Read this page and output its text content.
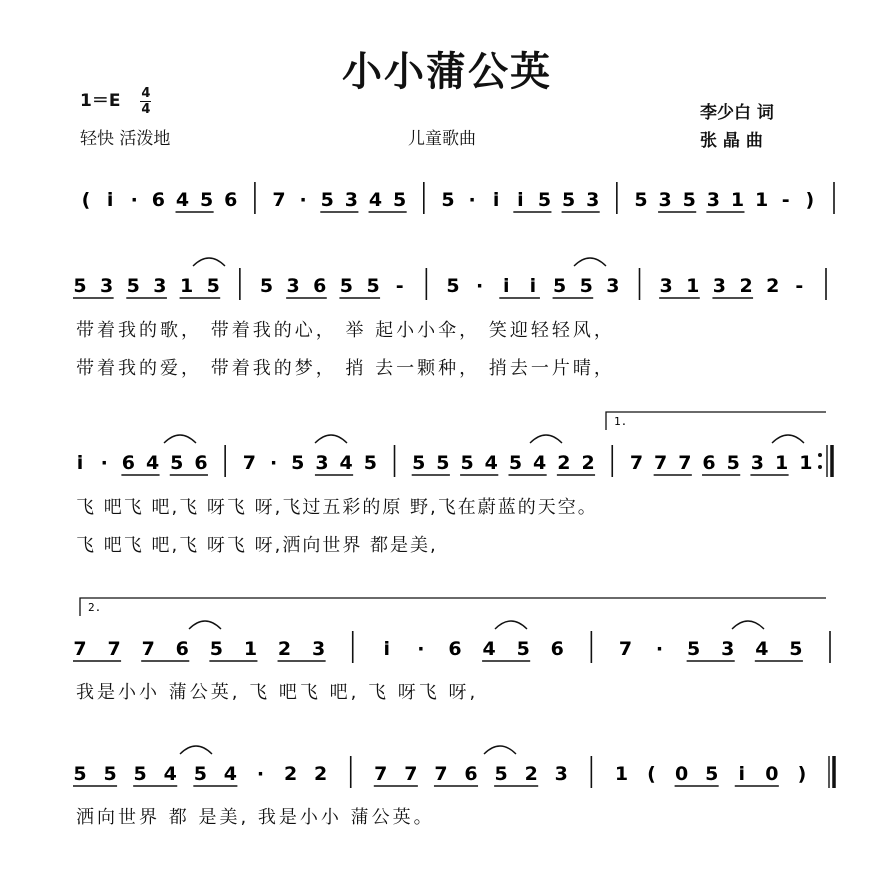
小小蒲公英
$1=E \frac{4}{4}$
轻快 活泼地	儿童歌曲
李少白 词
张 晶 曲
( i · 6 4 5 6 7 · 5 3 4 5 5 · i i 5 5 3 5 3 5 3 1 1 - )
5 3 5 3 1 5 5 3 6 5 5 - 5 · i i 5 5 3 3 1 3 2 2 -
i · 6 4 5 6 7 · 5 3 4 5 5 5 5 4 5 4 2 2 7 7 7 6 5 3 1 1
1.
7 7 7 6 5 1 2 3	i · 6 4 5 6	7 · 5 3 4 5
2.
5 5 5 4 5 4 · 2 2 7 7 7 6 5 2 3 1 ( 0 5 i 0 )
带着我的歌， 带着我的心， 举 起小小伞， 笑迎轻轻风，
带着我的爱， 带着我的梦， 捎 去一颗种， 捎去一片晴，
飞 吧飞 吧,飞 呀飞 呀,飞过五彩的原 野,飞在蔚蓝的天空。
飞 吧飞 吧,飞 呀飞 呀,洒向世界 都是美,
我是小小 蒲公英, 飞 吧飞 吧, 飞 呀飞 呀,
洒向世界 都 是美, 我是小小 蒲公英。
